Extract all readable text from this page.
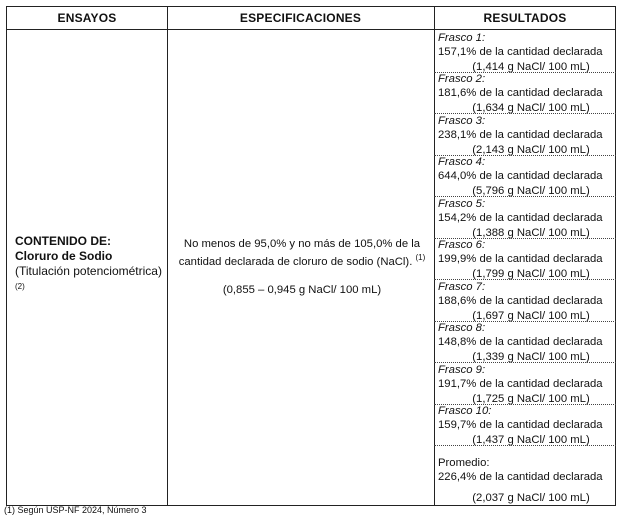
ENSAYOS	ESPECIFICACIONES	RESULTADOS
CONTENIDO DE:
Cloruro de Sodio
(Titulación potenciométrica) $^{(2)}$
No menos de 95,0% y no más de 105,0% de la cantidad declarada de cloruro de sodio (NaCl). $^{(1)}$
(0,855 – 0,945 g NaCl/ 100 mL)
Frasco 1:
157,1% de la cantidad declarada
(1,414 g NaCl/ 100 mL)
Frasco 2:
181,6% de la cantidad declarada
(1,634 g NaCl/ 100 mL)
Frasco 3:
238,1% de la cantidad declarada
(2,143 g NaCl/ 100 mL)
Frasco 4:
644,0% de la cantidad declarada
(5,796 g NaCl/ 100 mL)
Frasco 5:
154,2% de la cantidad declarada
(1,388 g NaCl/ 100 mL)
Frasco 6:
199,9% de la cantidad declarada
(1,799 g NaCl/ 100 mL)
Frasco 7:
188,6% de la cantidad declarada
(1,697 g NaCl/ 100 mL)
Frasco 8:
148,8% de la cantidad declarada
(1,339 g NaCl/ 100 mL)
Frasco 9:
191,7% de la cantidad declarada
(1,725 g NaCl/ 100 mL)
Frasco 10:
159,7% de la cantidad declarada
(1,437 g NaCl/ 100 mL)
Promedio:
226,4% de la cantidad declarada
(2,037 g NaCl/ 100 mL)
(1) Según USP-NF 2024, Número 3
